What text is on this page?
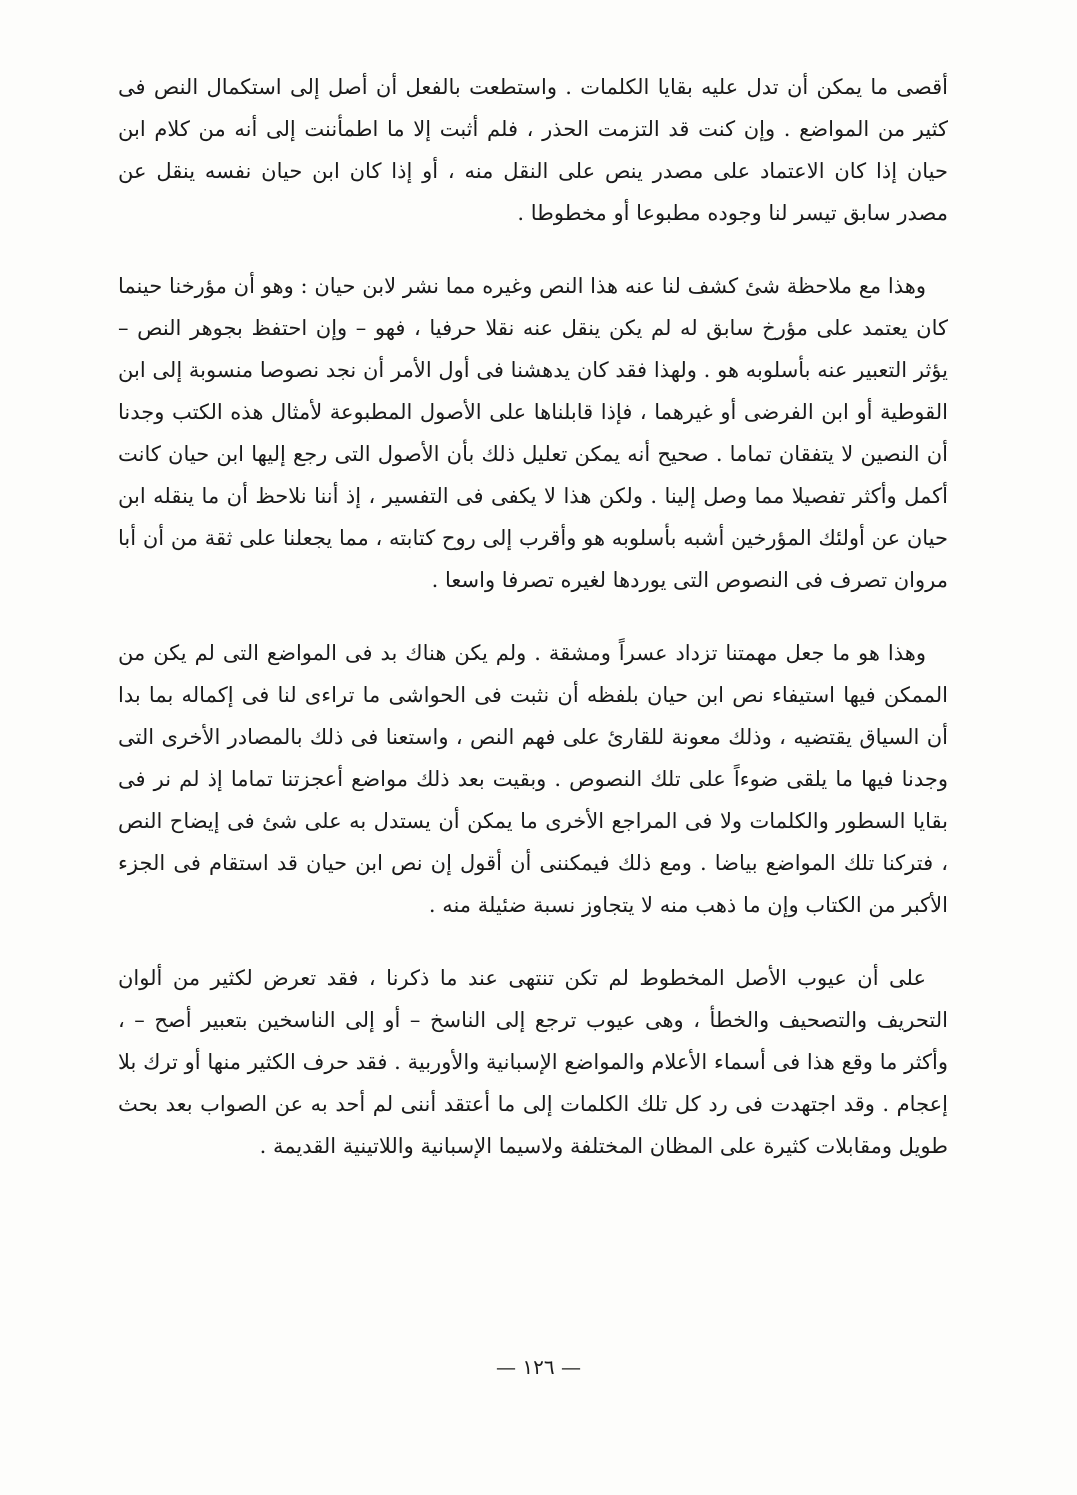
أقصى ما يمكن أن تدل عليه بقايا الكلمات . واستطعت بالفعل أن أصل إلى استكمال النص فى كثير من المواضع . وإن كنت قد التزمت الحذر ، فلم أثبت إلا ما اطمأننت إلى أنه من كلام ابن حيان إذا كان الاعتماد على مصدر ينص على النقل منه ، أو إذا كان ابن حيان نفسه ينقل عن مصدر سابق تيسر لنا وجوده مطبوعا أو مخطوطا .

وهذا مع ملاحظة شئ كشف لنا عنه هذا النص وغيره مما نشر لابن حيان : وهو أن مؤرخنا حينما كان يعتمد على مؤرخ سابق له لم يكن ينقل عنه نقلا حرفيا ، فهو – وإن احتفظ بجوهر النص – يؤثر التعبير عنه بأسلوبه هو . ولهذا فقد كان يدهشنا فى أول الأمر أن نجد نصوصا منسوبة إلى ابن القوطية أو ابن الفرضى أو غيرهما ، فإذا قابلناها على الأصول المطبوعة لأمثال هذه الكتب وجدنا أن النصين لا يتفقان تماما . صحيح أنه يمكن تعليل ذلك بأن الأصول التى رجع إليها ابن حيان كانت أكمل وأكثر تفصيلا مما وصل إلينا . ولكن هذا لا يكفى فى التفسير ، إذ أننا نلاحظ أن ما ينقله ابن حيان عن أولئك المؤرخين أشبه بأسلوبه هو وأقرب إلى روح كتابته ، مما يجعلنا على ثقة من أن أبا مروان تصرف فى النصوص التى يوردها لغيره تصرفا واسعا .

وهذا هو ما جعل مهمتنا تزداد عسراً ومشقة . ولم يكن هناك بد فى المواضع التى لم يكن من الممكن فيها استيفاء نص ابن حيان بلفظه أن نثبت فى الحواشى ما تراءى لنا فى إكماله بما بدا أن السياق يقتضيه ، وذلك معونة للقارئ على فهم النص ، واستعنا فى ذلك بالمصادر الأخرى التى وجدنا فيها ما يلقى ضوءاً على تلك النصوص . وبقيت بعد ذلك مواضع أعجزتنا تماما إذ لم نر فى بقايا السطور والكلمات ولا فى المراجع الأخرى ما يمكن أن يستدل به على شئ فى إيضاح النص ، فتركنا تلك المواضع بياضا . ومع ذلك فيمكننى أن أقول إن نص ابن حيان قد استقام فى الجزء الأكبر من الكتاب وإن ما ذهب منه لا يتجاوز نسبة ضئيلة منه .

على أن عيوب الأصل المخطوط لم تكن تنتهى عند ما ذكرنا ، فقد تعرض لكثير من ألوان التحريف والتصحيف والخطأ ، وهى عيوب ترجع إلى الناسخ – أو إلى الناسخين بتعبير أصح – ، وأكثر ما وقع هذا فى أسماء الأعلام والمواضع الإسبانية والأوربية . فقد حرف الكثير منها أو ترك بلا إعجام . وقد اجتهدت فى رد كل تلك الكلمات إلى ما أعتقد أننى لم أحد به عن الصواب بعد بحث طويل ومقابلات كثيرة على المظان المختلفة ولاسيما الإسبانية واللاتينية القديمة .

— ١٢٦ —
